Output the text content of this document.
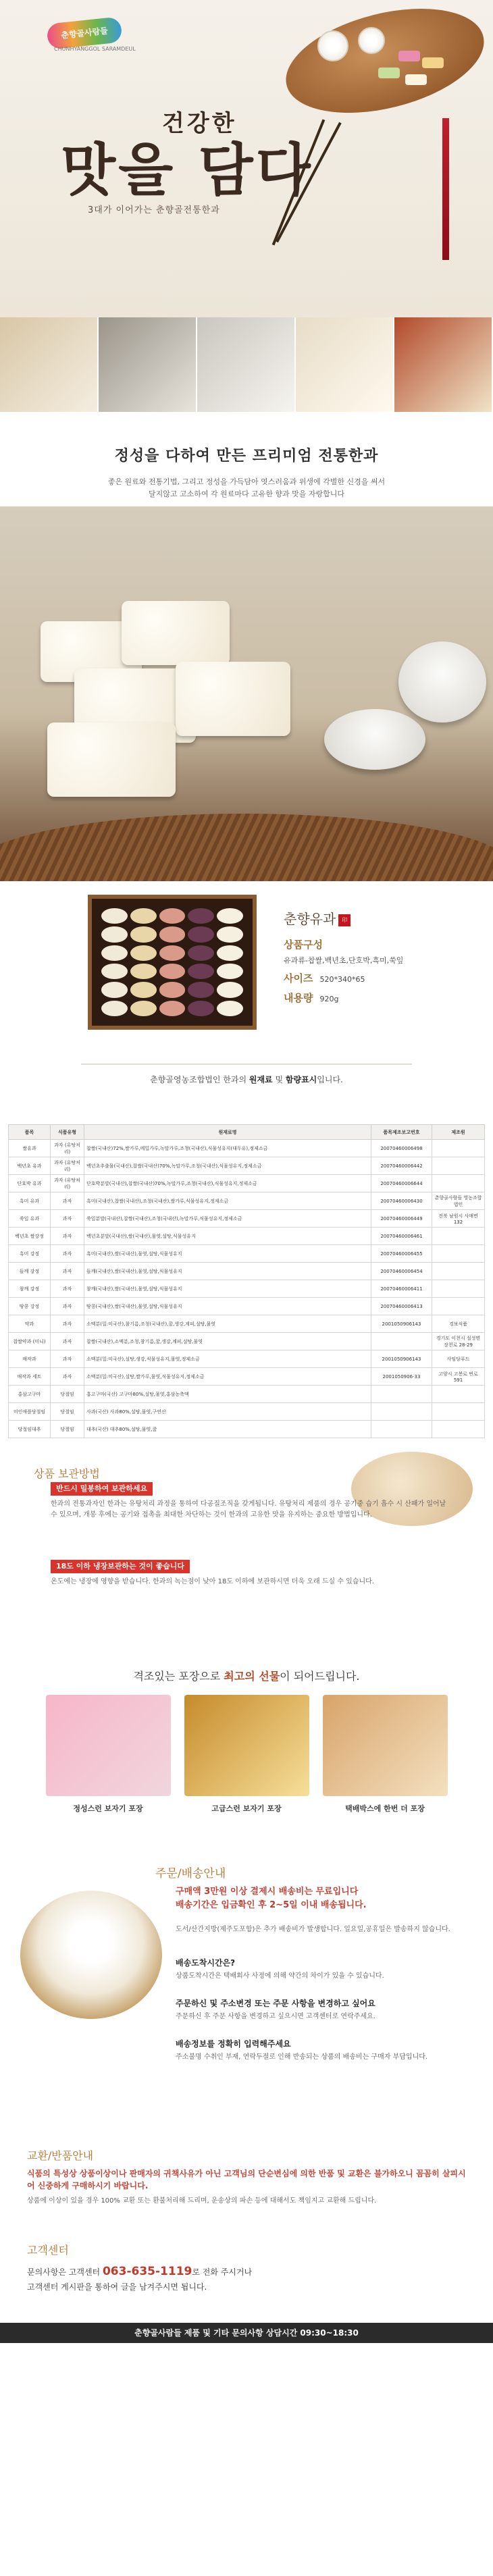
춘향골사람들
CHUNHYANGGOL SARAMDEUL
맛을 담다
건강한
3대가 이어가는 춘향골전통한과
정성을 다하여 만든 프리미엄 전통한과

좋은 원료와 전통기법, 그리고 정성을 가득담아 엿스러움과 위생에 각별한 신경을 써서
달지않고 고소하여 각 원료마다 고유한 향과 맛을 자랑합니다

춘향유과 印
상품구성
유과류-찹쌀,백년초,단호박,흑미,쑥잎
사이즈 520*340*65
내용량 920g
춘향골영농조합법인 한과의 원재료 및 함량표시입니다.
품목	식품유형	원재료명	품목제조보고번호	제조원
쌀유과	과자 (유탕처리)	찹쌀(국내산)72%,쌀가루,메밀가루,녹말가루,조청(국내산),식물성유지(대두유),정제소금	20070460006498	
백년초 유과	과자 (유탕처리)	백년초추출물(국내산),찹쌀(국내산)70%,녹말가루,조청(국내산),식물성유지,정제소금	20070460006442	
단호박 유과	과자 (유탕처리)	단호박분말(국내산),찹쌀(국내산)70%,녹말가루,조청(국내산),식물성유지,정제소금	20070460006644	
흑미 유과	과자	흑미(국내산),찹쌀(국내산),조청(국내산),쌀가루,식물성유지,정제소금	20070460006430	춘향골사람들 영농조합법인
쑥잎 유과	과자	쑥잎분말(국내산),찹쌀(국내산),조청(국내산),녹말가루,식물성유지,정제소금	20070460006449	전북 남원시 사매면 132
백년초 쌀강정	과자	백년초분말(국내산),쌀(국내산),물엿,설탕,식물성유지	20070460006461	
흑미 강정	과자	흑미(국내산),쌀(국내산),물엿,설탕,식물성유지	20070460006455	
들깨 강정	과자	들깨(국내산),쌀(국내산),물엿,설탕,식물성유지	20070460006454	
참깨 강정	과자	참깨(국내산),쌀(국내산),물엿,설탕,식물성유지	20070460006411	
땅콩 강정	과자	땅콩(국내산),쌀(국내산),물엿,설탕,식물성유지	20070460006413	
약과	과자	소맥분(밀:미국산),참기름,조청(국내산),꿀,생강,계피,설탕,물엿	2001050906143	경보식품
찹쌀약과 (미니)	과자	찹쌀(국내산),소맥분,조청,참기름,꿀,생강,계피,설탕,물엿		경기도 이천시 설성면 장천로 28-29
매작과	과자	소맥분(밀:미국산),설탕,생강,식물성유지,물엿,정제소금	2001050906143	사임당푸드
매작과 세트	과자	소맥분(밀:미국산),설탕,쌀가루,물엿,식물성유지,정제소금	2001050906-33	고양시 고봉로 번로 591
홍삼고구마	당절임	홍고구마(국산) 고구마80%,설탕,물엿,홍삼농축액		
미인애플당절임	당절임	사과(국산) 사과80%,설탕,물엿,구연산		
당절임대추	당절임	대추(국산) 대추80%,설탕,물엿,꿀		
상품 보관방법
반드시 밀봉하여 보관하세요
한과의 전통과자인 한과는 유탕처리 과정을 통하여 다공질조직을 갖게됩니다. 유탕처리 제품의 경우 공기중 습기 흡수 시 산패가 일어날 수 있으며, 개봉 후에는 공기와 접촉을 최대한 차단하는 것이 한과의 고유한 맛을 유지하는 중요한 방법입니다.
18도 이하 냉장보관하는 것이 좋습니다
온도에는 냉장에 영향을 받습니다. 한과의 녹는점이 낮아 18도 이하에 보관하시면 더욱 오래 드실 수 있습니다.
격조있는 포장으로 최고의 선물이 되어드립니다.
정성스런 보자기 포장	고급스런 보자기 포장	택배박스에 한번 더 포장
주문/배송안내
구매액 3만원 이상 결제시 배송비는 무료입니다
배송기간은 입금확인 후 2~5일 이내 배송됩니다.
도서/산간지방(제주도포함)은 추가 배송비가 발생합니다. 일요일,공휴일은 발송하지 않습니다.
배송도착시간은?
상품도착시간은 택배회사 사정에 의해 약간의 차이가 있을 수 있습니다.
주문하신 및 주소변경 또는 주문 사항을 변경하고 싶어요
주문하신 후 주문 사항을 변경하고 싶으시면 고객센터로 연락주세요.
배송정보를 정확히 입력해주세요
주소불명 수취인 부재, 연락두절로 인해 반송되는 상품의 배송비는 구매자 부담입니다.
교환/반품안내
식품의 특성상 상품이상이나 판매자의 귀책사유가 아닌 고객님의 단순변심에 의한 반품 및 교환은 불가하오니 꼼꼼히 살피시어 신중하게 구매하시기 바랍니다.
상품에 이상이 있을 경우 100% 교환 또는 환불처리해 드리며, 운송상의 파손 등에 대해서도 책임지고 교환해 드립니다.
고객센터
문의사항은 고객센터 063-635-1119로 전화 주시거나
고객센터 게시판을 통하여 글을 남겨주시면 됩니다.
춘향골사람들 제품 및 기타 문의사항 상담시간 09:30~18:30
